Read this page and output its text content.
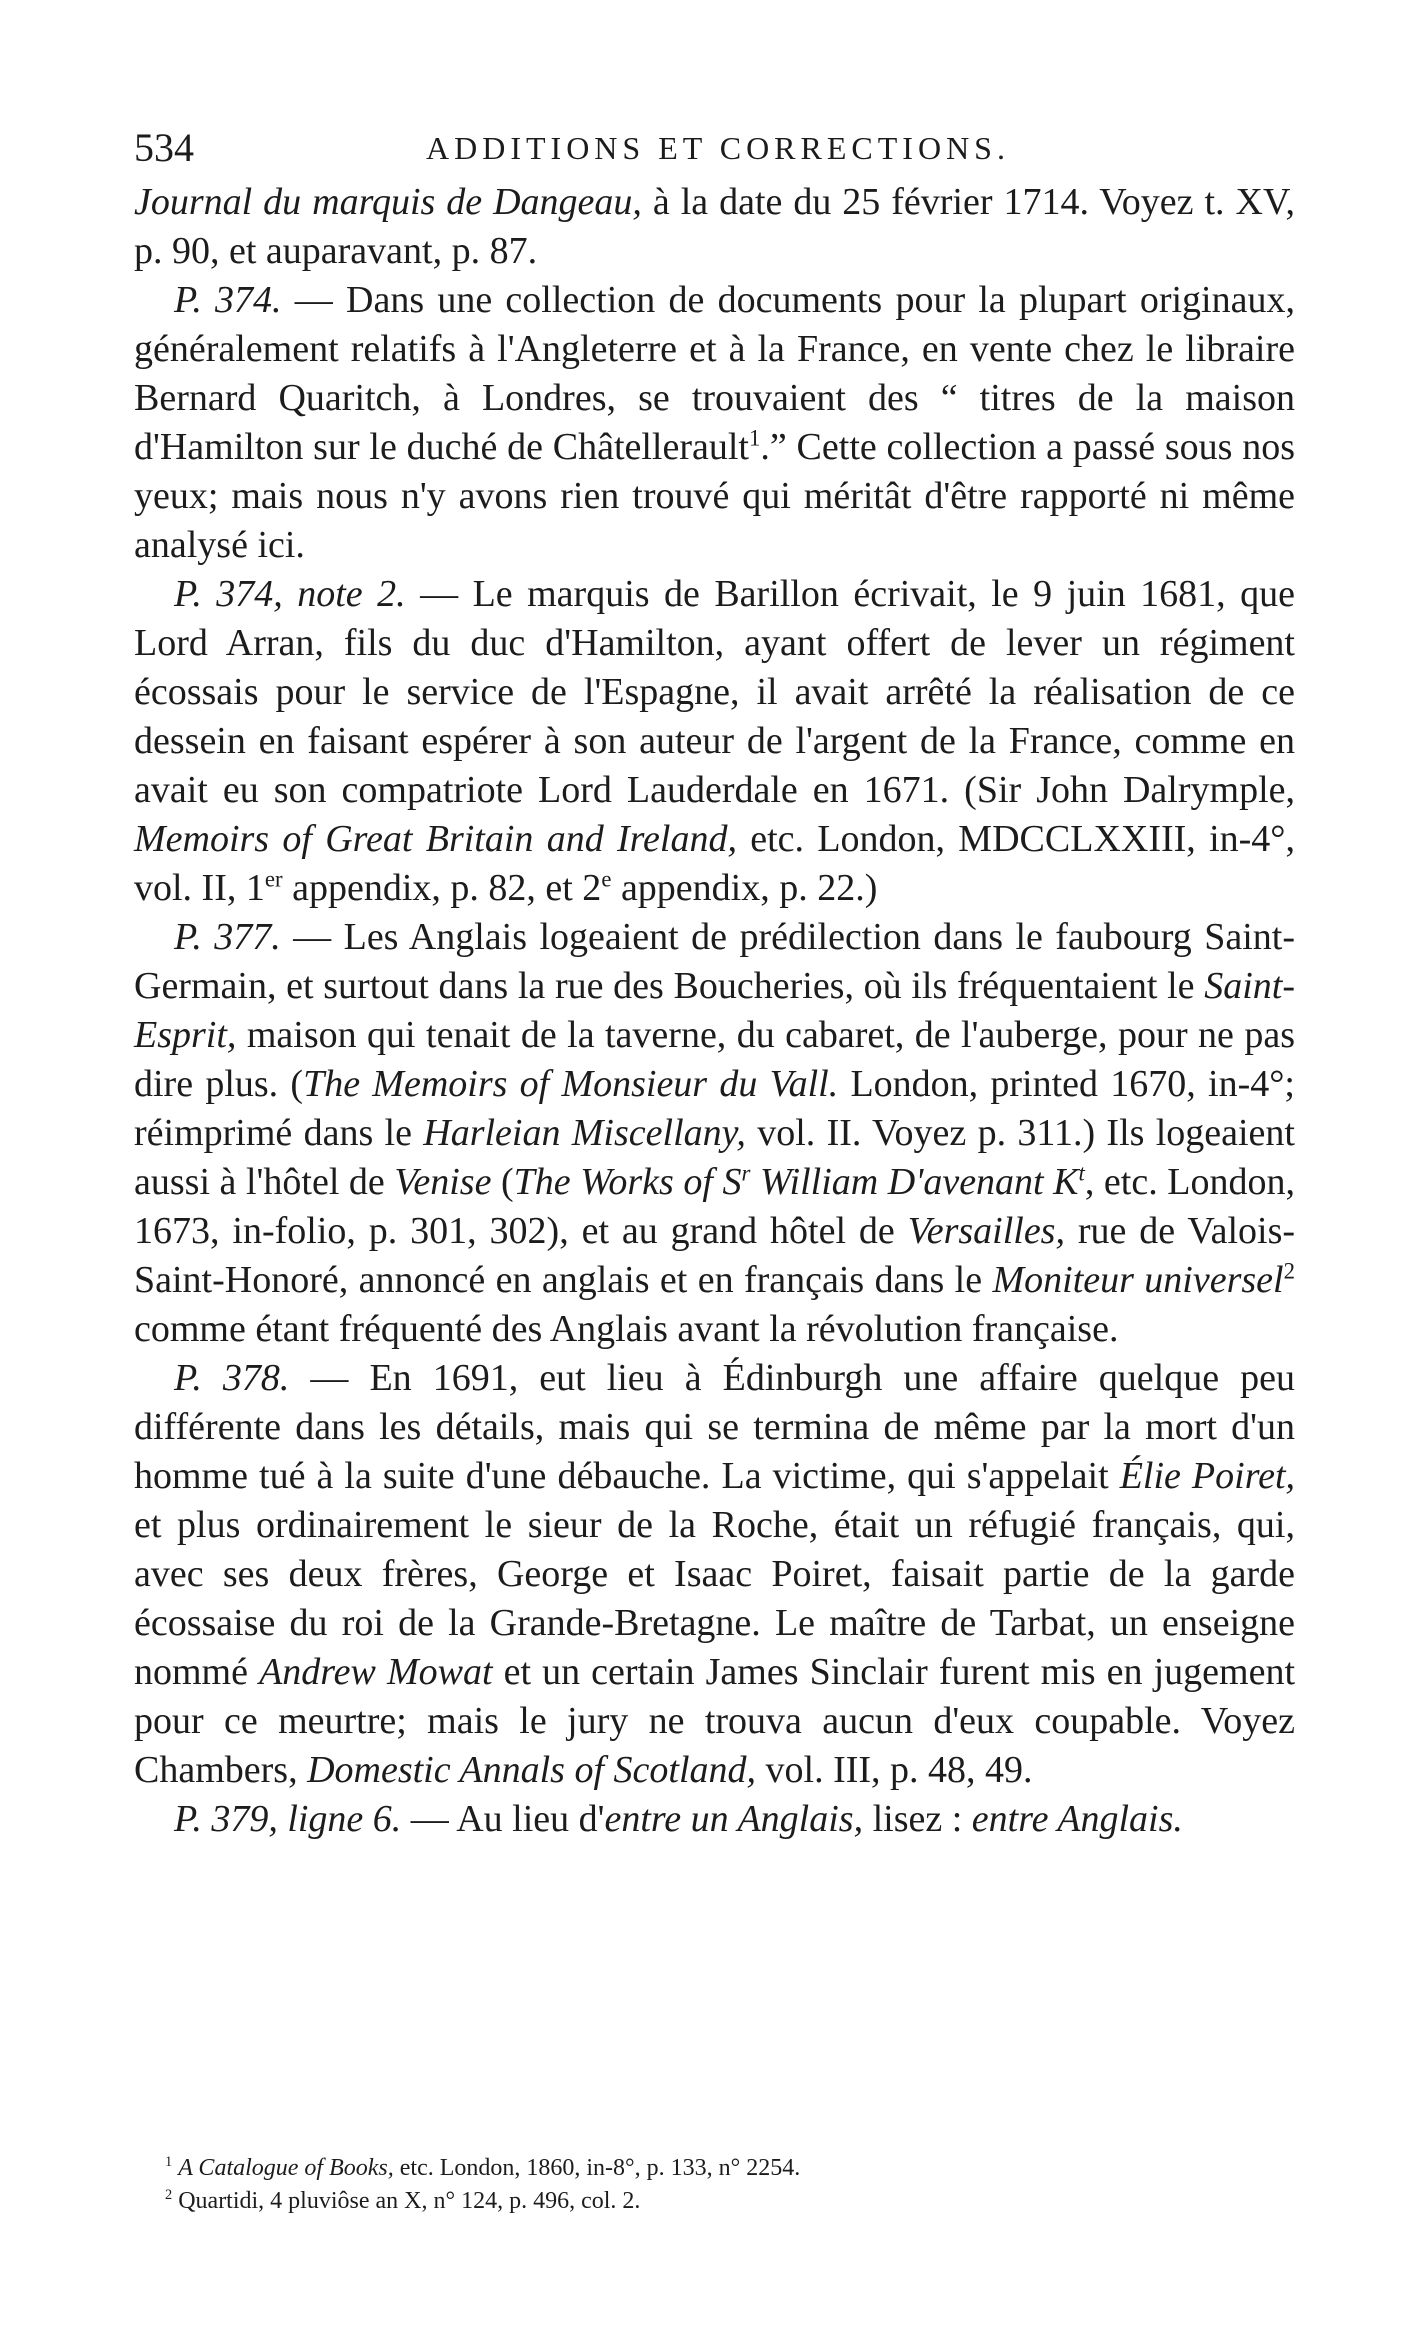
534	ADDITIONS ET CORRECTIONS.

Journal du marquis de Dangeau, à la date du 25 février 1714. Voyez t. XV, p. 90, et auparavant, p. 87.

P. 374. — Dans une collection de documents pour la plupart originaux, généralement relatifs à l'Angleterre et à la France, en vente chez le libraire Bernard Quaritch, à Londres, se trouvaient des “ titres de la maison d'Hamilton sur le duché de Châtellerault$^1$.” Cette collection a passé sous nos yeux; mais nous n'y avons rien trouvé qui méritât d'être rapporté ni même analysé ici.

P. 374, note 2. — Le marquis de Barillon écrivait, le 9 juin 1681, que Lord Arran, fils du duc d'Hamilton, ayant offert de lever un régiment écossais pour le service de l'Espagne, il avait arrêté la réalisation de ce dessein en faisant espérer à son auteur de l'argent de la France, comme en avait eu son compatriote Lord Lauderdale en 1671. (Sir John Dalrymple, Memoirs of Great Britain and Ireland, etc. London, MDCCLXXIII, in-4°, vol. II, 1er appendix, p. 82, et 2e appendix, p. 22.)

P. 377. — Les Anglais logeaient de prédilection dans le faubourg Saint-Germain, et surtout dans la rue des Boucheries, où ils fréquentaient le Saint-Esprit, maison qui tenait de la taverne, du cabaret, de l'auberge, pour ne pas dire plus. (The Memoirs of Monsieur du Vall. London, printed 1670, in-4°; réimprimé dans le Harleian Miscellany, vol. II. Voyez p. 311.) Ils logeaient aussi à l'hôtel de Venise (The Works of $S^r$ William D'avenant $K^t$, etc. London, 1673, in-folio, p. 301, 302), et au grand hôtel de Versailles, rue de Valois-Saint-Honoré, annoncé en anglais et en français dans le Moniteur universel$^2$ comme étant fréquenté des Anglais avant la révolution française.

P. 378. — En 1691, eut lieu à Édinburgh une affaire quelque peu différente dans les détails, mais qui se termina de même par la mort d'un homme tué à la suite d'une débauche. La victime, qui s'appelait Élie Poiret, et plus ordinairement le sieur de la Roche, était un réfugié français, qui, avec ses deux frères, George et Isaac Poiret, faisait partie de la garde écossaise du roi de la Grande-Bretagne. Le maître de Tarbat, un enseigne nommé Andrew Mowat et un certain James Sinclair furent mis en jugement pour ce meurtre; mais le jury ne trouva aucun d'eux coupable. Voyez Chambers, Domestic Annals of Scotland, vol. III, p. 48, 49.

P. 379, ligne 6. — Au lieu d'entre un Anglais, lisez : entre Anglais.

$^1$ A Catalogue of Books, etc. London, 1860, in-8°, p. 133, n° 2254.

$^2$ Quartidi, 4 pluviôse an X, n° 124, p. 496, col. 2.
